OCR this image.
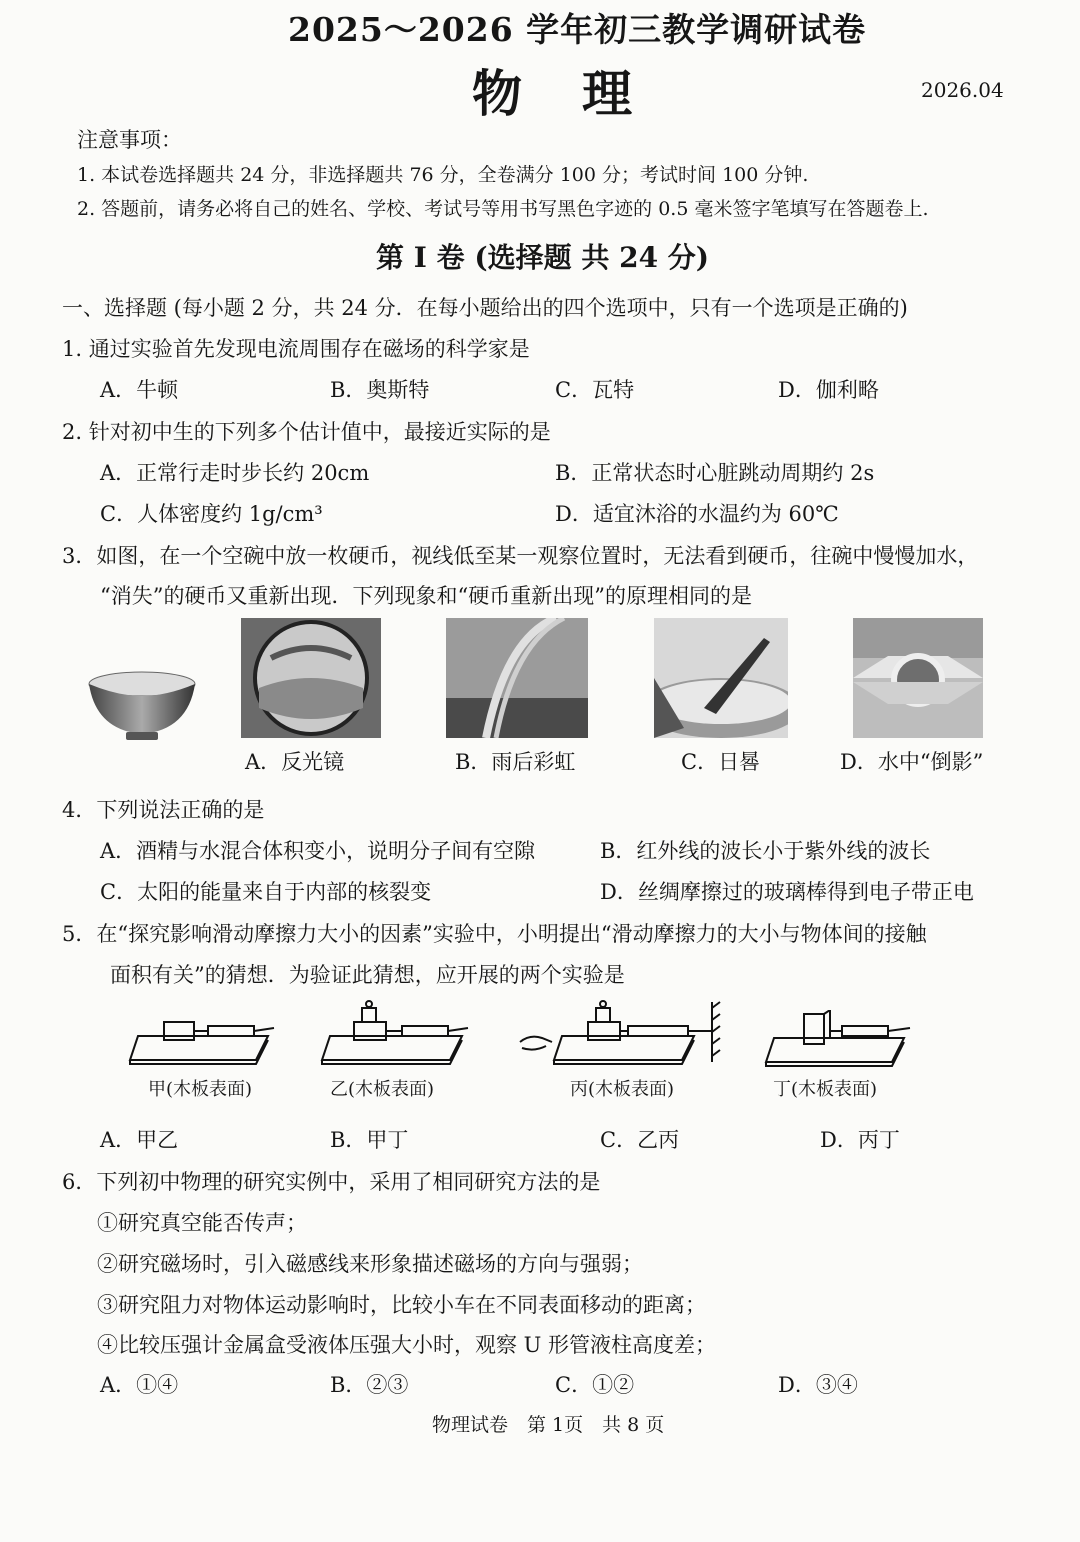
2025～2026 学年初三教学调研试卷
物理	2026.04
注意事项：
1. 本试卷选择题共 24 分，非选择题共 76 分，全卷满分 100 分；考试时间 100 分钟.
2. 答题前，请务必将自己的姓名、学校、考试号等用书写黑色字迹的 0.5 毫米签字笔填写在答题卷上.
第 I 卷 (选择题 共 24 分)
一、选择题 (每小题 2 分，共 24 分．在每小题给出的四个选项中，只有一个选项是正确的)
1. 通过实验首先发现电流周围存在磁场的科学家是
A．牛顿	B．奥斯特	C．瓦特	D．伽利略
2. 针对初中生的下列多个估计值中，最接近实际的是
A．正常行走时步长约 20cm	B．正常状态时心脏跳动周期约 2s
C．人体密度约 1g/cm³	D．适宜沐浴的水温约为 60℃
3．如图，在一个空碗中放一枚硬币，视线低至某一观察位置时，无法看到硬币，往碗中慢慢加水，
“消失”的硬币又重新出现．下列现象和“硬币重新出现”的原理相同的是
A．反光镜	B．雨后彩虹	C．日晷	D．水中“倒影”
4．下列说法正确的是
A．酒精与水混合体积变小，说明分子间有空隙	B．红外线的波长小于紫外线的波长
C．太阳的能量来自于内部的核裂变	D．丝绸摩擦过的玻璃棒得到电子带正电
5．在“探究影响滑动摩擦力大小的因素”实验中，小明提出“滑动摩擦力的大小与物体间的接触
面积有关”的猜想．为验证此猜想，应开展的两个实验是
甲(木板表面)	乙(木板表面)	丙(木板表面)	丁(木板表面)
A．甲乙	B．甲丁	C．乙丙	D．丙丁
6．下列初中物理的研究实例中，采用了相同研究方法的是
①研究真空能否传声；
②研究磁场时，引入磁感线来形象描述磁场的方向与强弱；
③研究阻力对物体运动影响时，比较小车在不同表面移动的距离；
④比较压强计金属盒受液体压强大小时，观察 U 形管液柱高度差；
A．①④	B．②③	C．①②	D．③④
物理试卷　第 1页　共 8 页
